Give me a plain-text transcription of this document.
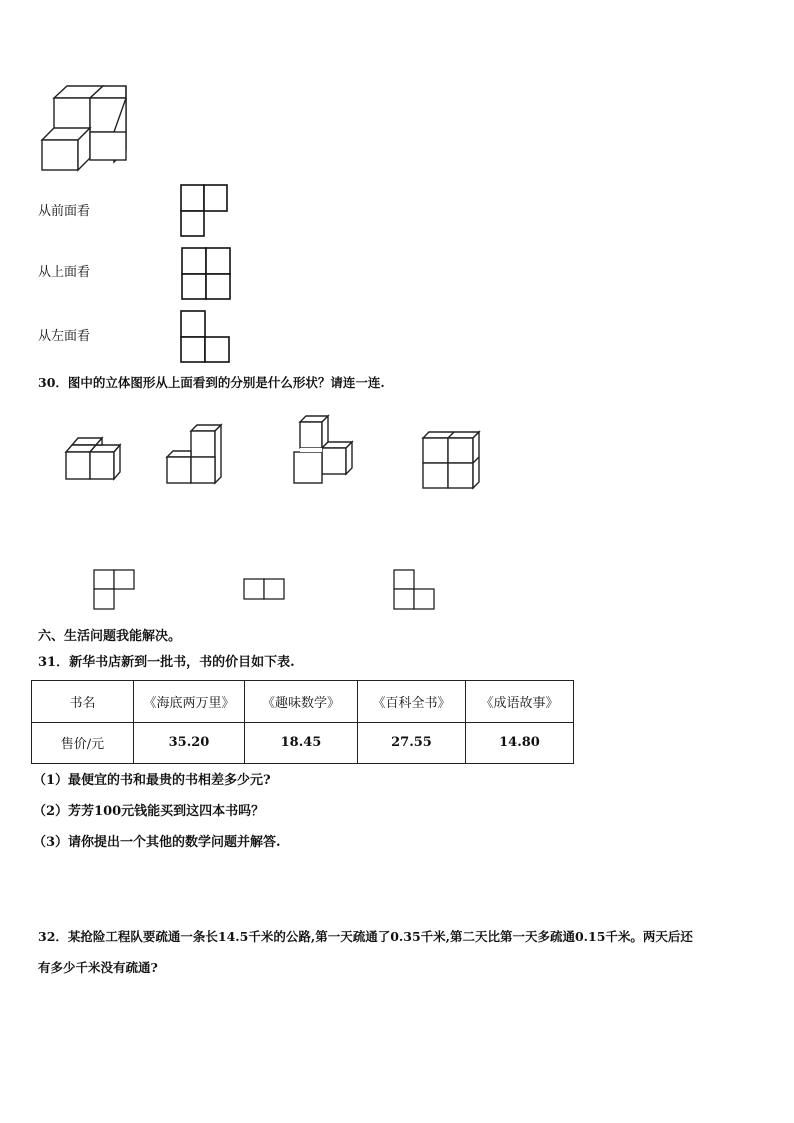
从前面看
从上面看
从左面看
30．图中的立体图形从上面看到的分别是什么形状？请连一连.
六、生活问题我能解决。
31．新华书店新到一批书，书的价目如下表.
书名	《海底两万里》	《趣味数学》	《百科全书》	《成语故事》
售价/元	35.20	18.45	27.55	14.80
（1）最便宜的书和最贵的书相差多少元?
（2）芳芳100元钱能买到这四本书吗？
（3）请你提出一个其他的数学问题并解答.
32．某抢险工程队要疏通一条长14.5千米的公路,第一天疏通了0.35千米,第二天比第一天多疏通0.15千米。两天后还
有多少千米没有疏通?
